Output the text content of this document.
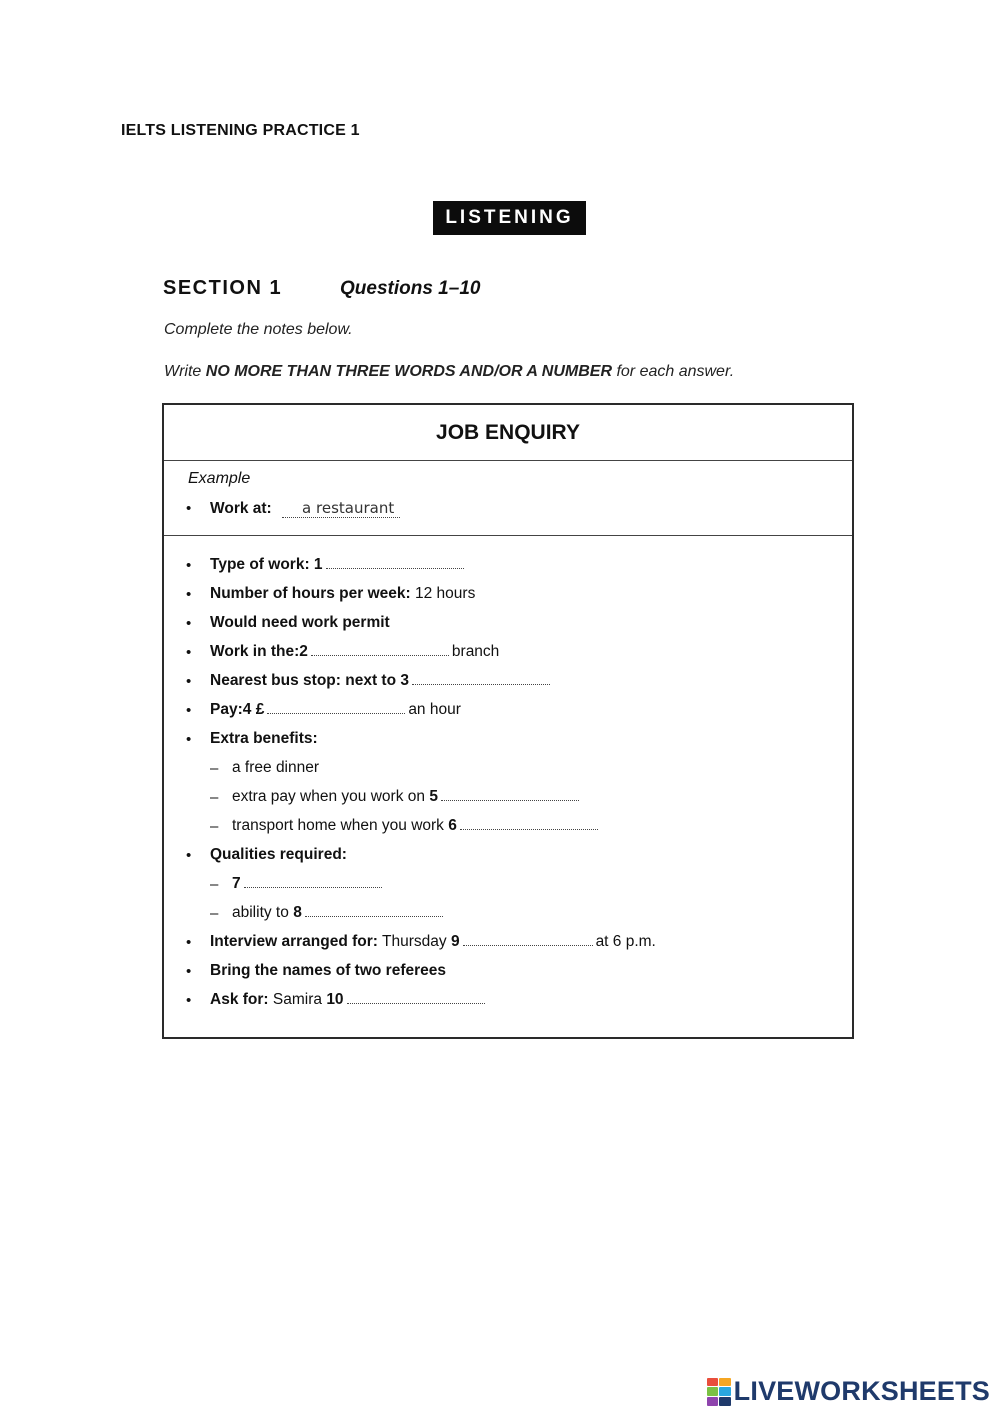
IELTS LISTENING PRACTICE 1
LISTENING
SECTION 1	Questions 1–10
Complete the notes below.
Write NO MORE THAN THREE WORDS AND/OR A NUMBER for each answer.
JOB ENQUIRY
Example
• Work at: a restaurant
• Type of work: 1
• Number of hours per week: 12 hours
• Would need work permit
• Work in the:2	branch
• Nearest bus stop: next to 3
• Pay:4 £	an hour
• Extra benefits:
– a free dinner
– extra pay when you work on 5
– transport home when you work 6
• Qualities required:
– 7
– ability to 8
• Interview arranged for: Thursday 9	at 6 p.m.
• Bring the names of two referees
• Ask for: Samira 10
LIVEWORKSHEETS
